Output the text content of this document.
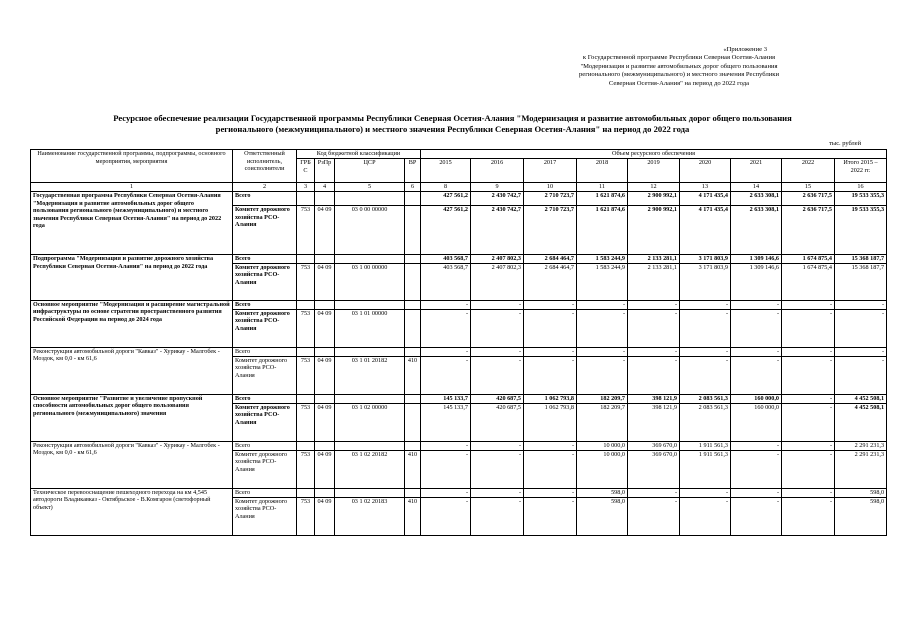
«Приложение 3
к Государственной программе Республики Северная Осетия-Алания
"Модернизация и развитие автомобильных дорог общего пользования
регионального (межмуниципального) и местного значения Республики
Северная Осетия-Алания" на период до 2022 года
Ресурсное обеспечение реализации Государственной программы Республики Северная Осетия-Алания "Модернизация и развитие автомобильных дорог общего пользования
регионального (межмуниципального) и местного значения Республики Северная Осетия-Алания" на период до 2022 года
тыс. рублей
Наименование государственной программы, подпрограммы, основного мероприятия, мероприятия	Ответственный исполнитель, соисполнители	Код бюджетной классификации				Объем ресурсного обеспечения								
		ГРБС	РзПр	ЦСР	ВР	2015	2016	2017	2018	2019	2020	2021	2022	Итого 2015 – 2022 гг.
1	2	3	4	5	6	8	9	10	11	12	13	14	15	16
Государственная программа Республики Северная Осетия-Алания "Модернизация и развитие автомобильных дорог общего пользования регионального (межмуниципального) и местного значения Республики Северная Осетия-Алания" на период до 2022 года	Всего					427 561,2	2 430 742,7	2 710 723,7	1 621 874,6	2 900 992,1	4 171 435,4	2 633 308,1	2 636 717,5	19 533 355,3
	Комитет дорожного хозяйства РСО-Алания	753	04 09	03 0 00 00000		427 561,2	2 430 742,7	2 710 723,7	1 621 874,6	2 900 992,1	4 171 435,4	2 633 308,1	2 636 717,5	19 533 355,3
Подпрограмма "Модернизация и развитие дорожного хозяйства Республики Северная Осетия-Алания" на период до 2022 года	Всего					403 568,7	2 407 802,3	2 684 464,7	1 583 244,9	2 133 281,1	3 171 803,9	1 309 146,6	1 674 875,4	15 368 187,7
	Комитет дорожного хозяйства РСО-Алания	753	04 09	03 1 00 00000		403 568,7	2 407 802,3	2 684 464,7	1 583 244,9	2 133 281,1	3 171 803,9	1 309 146,6	1 674 875,4	15 368 187,7
Основное мероприятие "Модернизация и расширение магистральной инфраструктуры по основе стратегии пространственного развития Российской Федерации на период до 2024 года	Всего					-	-	-	-	-	-	-	-	-
	Комитет дорожного хозяйства РСО-Алания	753	04 09	03 1 01 00000		-	-	-	-	-	-	-	-	-
Реконструкция автомобильной дороги "Кавказ" - Хурикау - Малгобек - Моздок, км 0,0 - км 61,6	Всего					-	-	-	-	-	-	-	-	-
	Комитет дорожного хозяйства РСО-Алания	753	04 09	03 1 01 20182	410	-	-	-	-	-	-	-	-	-
Основное мероприятие "Развитие и увеличение пропускной способности автомобильных дорог общего пользования регионального (межмуниципального) значения	Всего					145 133,7	420 687,5	1 062 793,8	182 209,7	398 121,9	2 083 561,3	160 000,0	-	4 452 508,1
	Комитет дорожного хозяйства РСО-Алания	753	04 09	03 1 02 00000		145 133,7	420 687,5	1 062 793,8	182 209,7	398 121,9	2 083 561,3	160 000,0	-	4 452 508,1
Реконструкция автомобильной дороги "Кавказ" - Хурикау - Малгобек - Моздок, км 0,0 - км 61,6	Всего					-	-	-	10 000,0	369 670,0	1 911 561,3	-	-	2 291 231,3
	Комитет дорожного хозяйства РСО-Алания	753	04 09	03 1 02 20182	410	-	-	-	10 000,0	369 670,0	1 911 561,3	-	-	2 291 231,3
Техническое перевооснащение пешеходного перехода на км 4,545 автодороги Владикавказ - Октябрьское - В.Комгарон (светофорный объект)	Всего					-	-	-	598,0	-	-	-	-	598,0
	Комитет дорожного хозяйства РСО-Алания	753	04 09	03 1 02 20183	410	-	-	-	598,0	-	-	-	-	598,0
